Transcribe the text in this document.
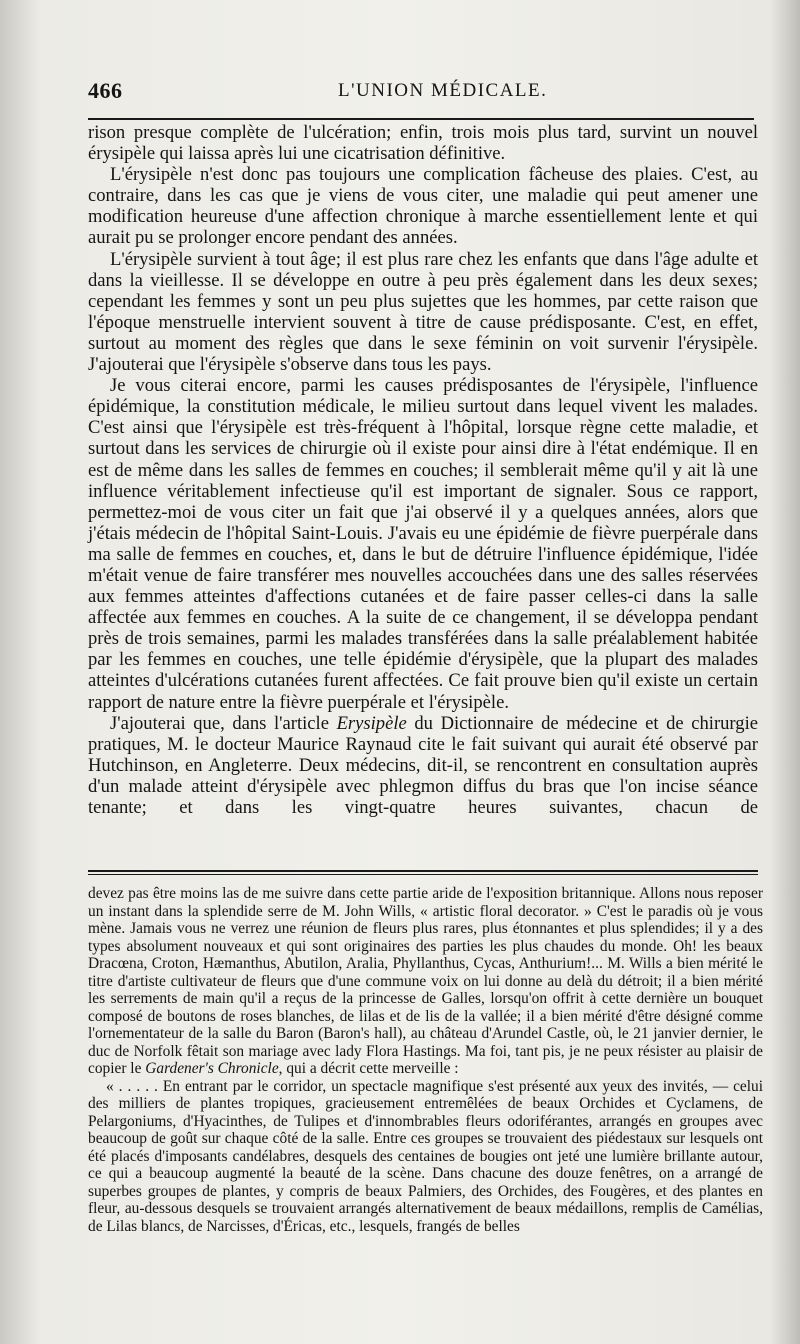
466	L'UNION MÉDICALE.

rison presque complète de l'ulcération; enfin, trois mois plus tard, survint un nouvel érysipèle qui laissa après lui une cicatrisation définitive.

L'érysipèle n'est donc pas toujours une complication fâcheuse des plaies. C'est, au contraire, dans les cas que je viens de vous citer, une maladie qui peut amener une modification heureuse d'une affection chronique à marche essentiellement lente et qui aurait pu se prolonger encore pendant des années.

L'érysipèle survient à tout âge; il est plus rare chez les enfants que dans l'âge adulte et dans la vieillesse. Il se développe en outre à peu près également dans les deux sexes; cependant les femmes y sont un peu plus sujettes que les hommes, par cette raison que l'époque menstruelle intervient souvent à titre de cause prédisposante. C'est, en effet, surtout au moment des règles que dans le sexe féminin on voit survenir l'érysipèle. J'ajouterai que l'érysipèle s'observe dans tous les pays.

Je vous citerai encore, parmi les causes prédisposantes de l'érysipèle, l'influence épidémique, la constitution médicale, le milieu surtout dans lequel vivent les malades. C'est ainsi que l'érysipèle est très-fréquent à l'hôpital, lorsque règne cette maladie, et surtout dans les services de chirurgie où il existe pour ainsi dire à l'état endémique. Il en est de même dans les salles de femmes en couches; il semblerait même qu'il y ait là une influence véritablement infectieuse qu'il est important de signaler. Sous ce rapport, permettez-moi de vous citer un fait que j'ai observé il y a quelques années, alors que j'étais médecin de l'hôpital Saint-Louis. J'avais eu une épidémie de fièvre puerpérale dans ma salle de femmes en couches, et, dans le but de détruire l'influence épidémique, l'idée m'était venue de faire transférer mes nouvelles accouchées dans une des salles réservées aux femmes atteintes d'affections cutanées et de faire passer celles-ci dans la salle affectée aux femmes en couches. A la suite de ce changement, il se développa pendant près de trois semaines, parmi les malades transférées dans la salle préalablement habitée par les femmes en couches, une telle épidémie d'érysipèle, que la plupart des malades atteintes d'ulcérations cutanées furent affectées. Ce fait prouve bien qu'il existe un certain rapport de nature entre la fièvre puerpérale et l'érysipèle.

J'ajouterai que, dans l'article Erysipèle du Dictionnaire de médecine et de chirurgie pratiques, M. le docteur Maurice Raynaud cite le fait suivant qui aurait été observé par Hutchinson, en Angleterre. Deux médecins, dit-il, se rencontrent en consultation auprès d'un malade atteint d'érysipèle avec phlegmon diffus du bras que l'on incise séance tenante; et dans les vingt-quatre heures suivantes, chacun de

devez pas être moins las de me suivre dans cette partie aride de l'exposition britannique. Allons nous reposer un instant dans la splendide serre de M. John Wills, « artistic floral decorator. » C'est le paradis où je vous mène. Jamais vous ne verrez une réunion de fleurs plus rares, plus étonnantes et plus splendides; il y a des types absolument nouveaux et qui sont originaires des parties les plus chaudes du monde. Oh! les beaux Dracœna, Croton, Hæmanthus, Abutilon, Aralia, Phyllanthus, Cycas, Anthurium!... M. Wills a bien mérité le titre d'artiste cultivateur de fleurs que d'une commune voix on lui donne au delà du détroit; il a bien mérité les serrements de main qu'il a reçus de la princesse de Galles, lorsqu'on offrit à cette dernière un bouquet composé de boutons de roses blanches, de lilas et de lis de la vallée; il a bien mérité d'être désigné comme l'ornementateur de la salle du Baron (Baron's hall), au château d'Arundel Castle, où, le 21 janvier dernier, le duc de Norfolk fêtait son mariage avec lady Flora Hastings. Ma foi, tant pis, je ne peux résister au plaisir de copier le Gardener's Chronicle, qui a décrit cette merveille :

« . . . . . En entrant par le corridor, un spectacle magnifique s'est présenté aux yeux des invités, — celui des milliers de plantes tropiques, gracieusement entremêlées de beaux Orchides et Cyclamens, de Pelargoniums, d'Hyacinthes, de Tulipes et d'innombrables fleurs odoriférantes, arrangés en groupes avec beaucoup de goût sur chaque côté de la salle. Entre ces groupes se trouvaient des piédestaux sur lesquels ont été placés d'imposants candélabres, desquels des centaines de bougies ont jeté une lumière brillante autour, ce qui a beaucoup augmenté la beauté de la scène. Dans chacune des douze fenêtres, on a arrangé de superbes groupes de plantes, y compris de beaux Palmiers, des Orchides, des Fougères, et des plantes en fleur, au-dessous desquels se trouvaient arrangés alternativement de beaux médaillons, remplis de Camélias, de Lilas blancs, de Narcisses, d'Éricas, etc., lesquels, frangés de belles
